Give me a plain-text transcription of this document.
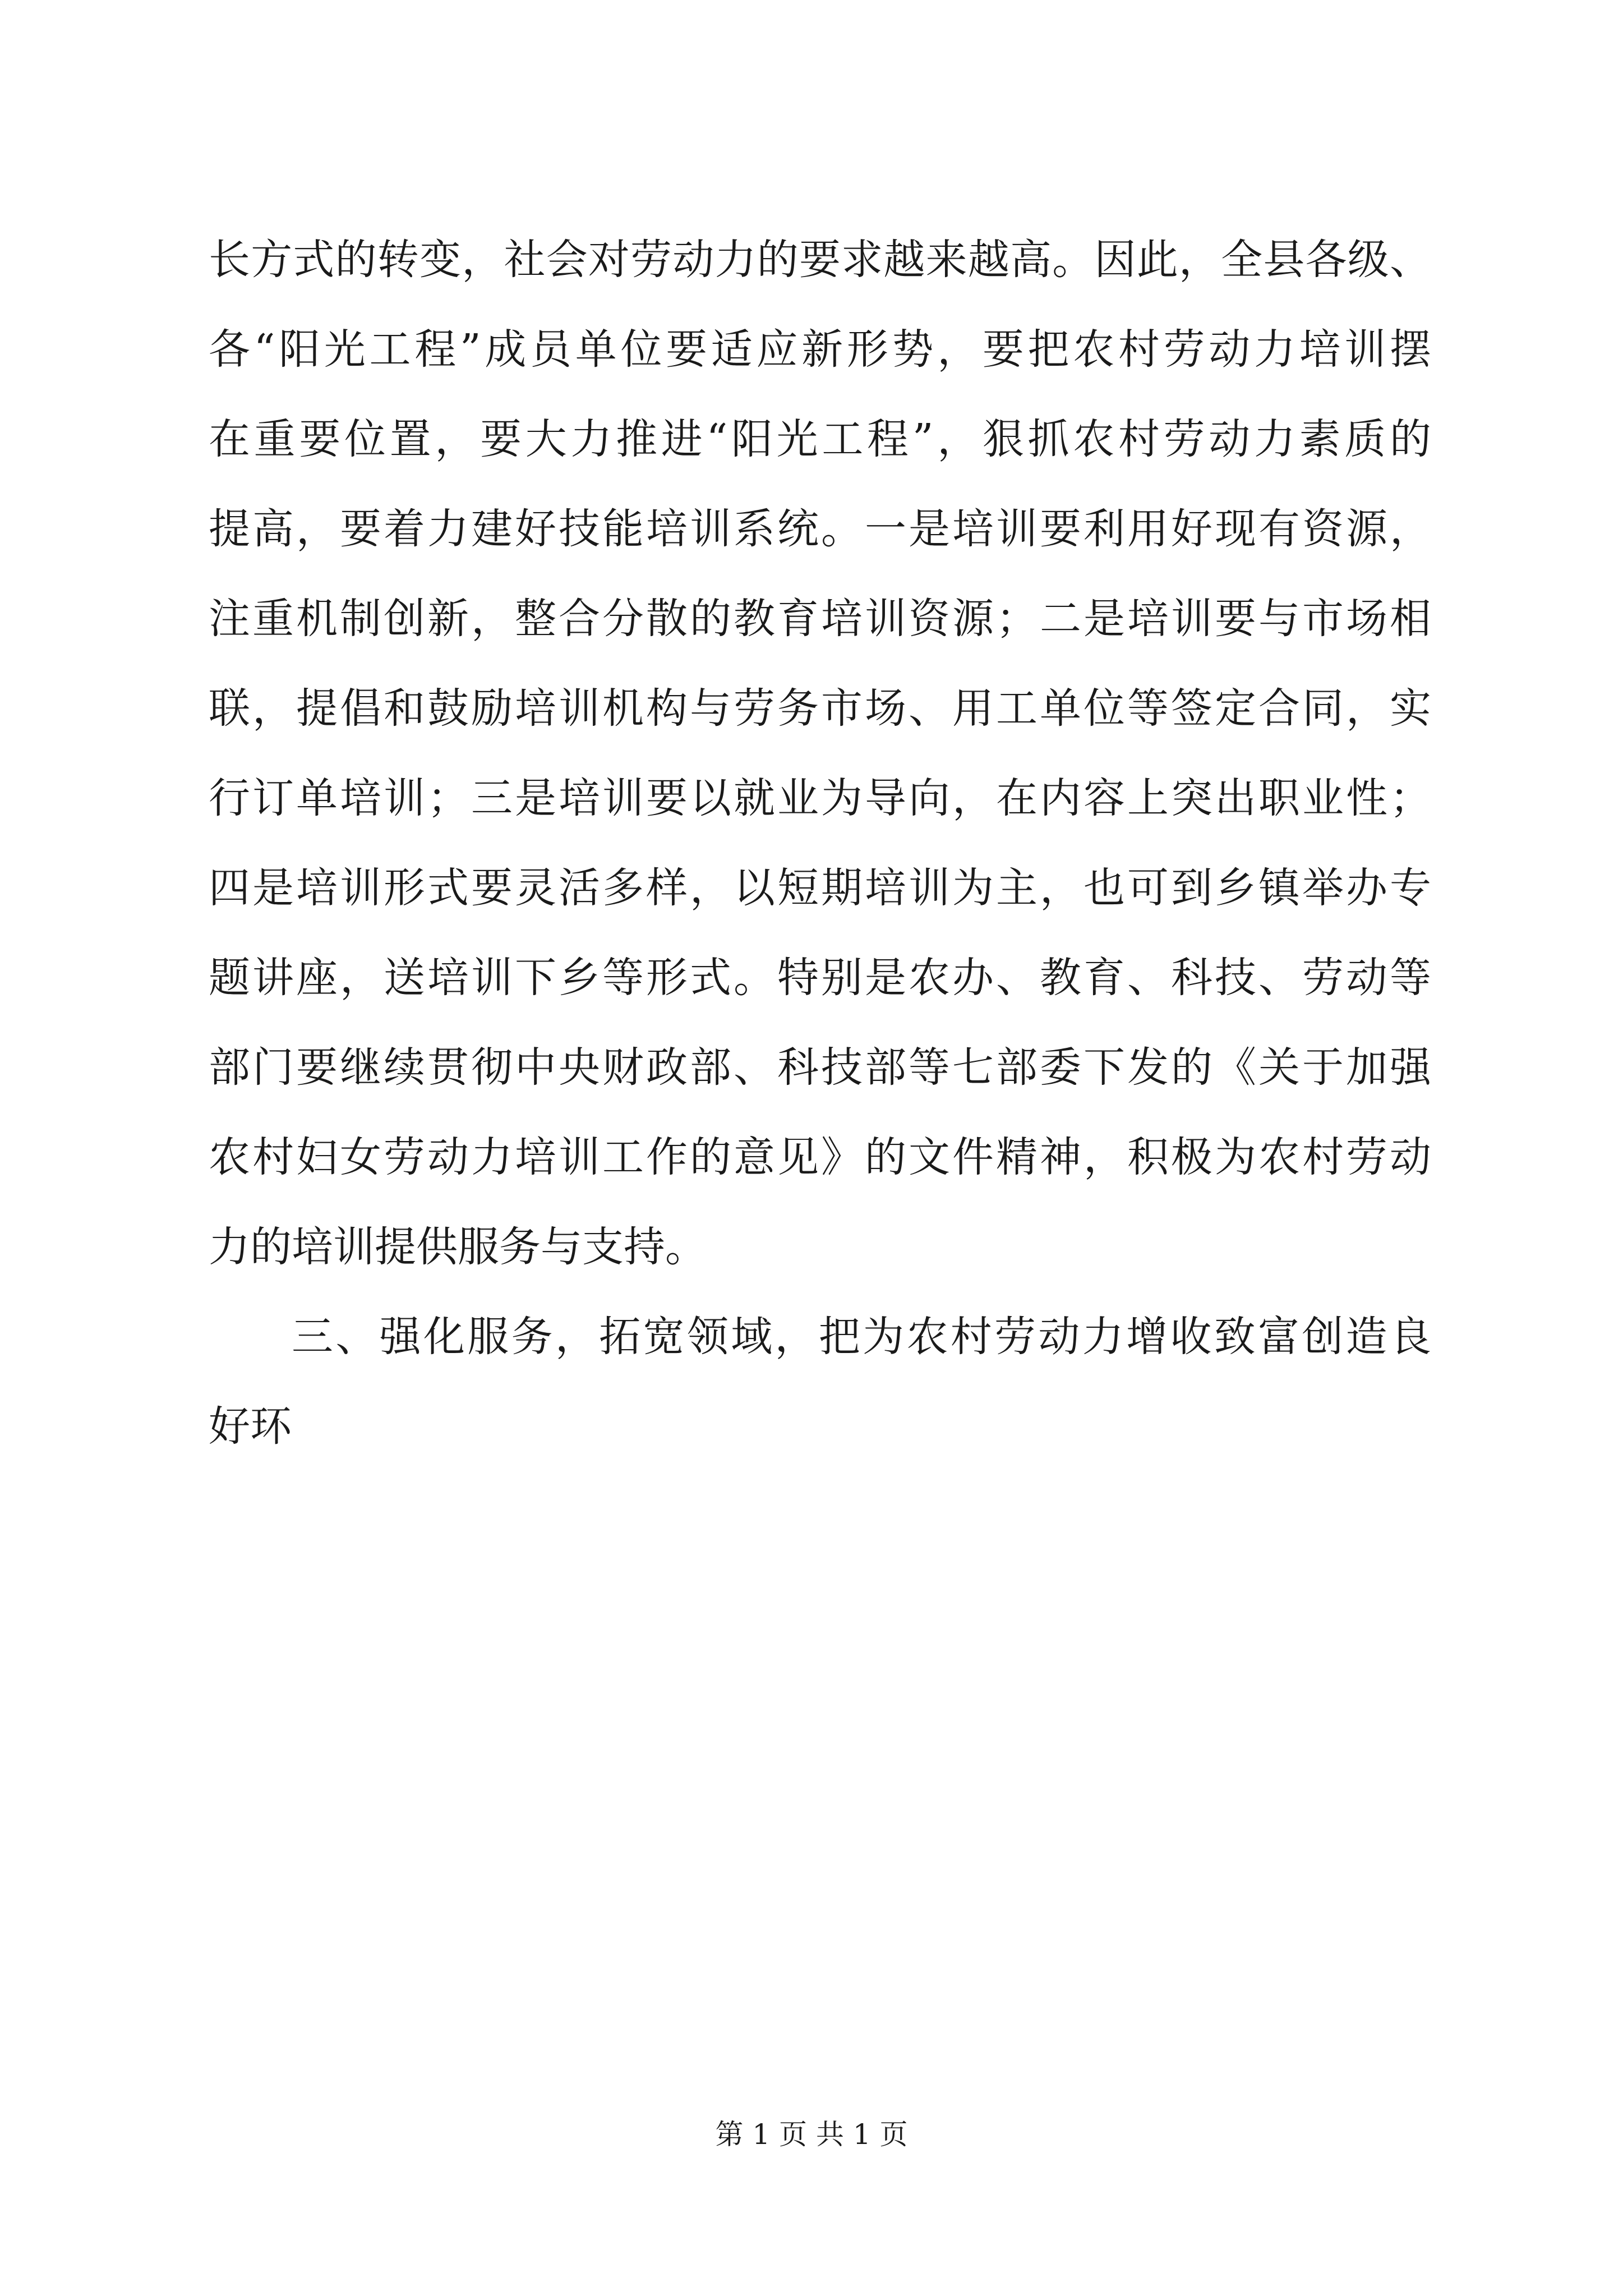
长方式的转变，社会对劳动力的要求越来越高。因此，全县各级、
各“阳光工程”成员单位要适应新形势，要把农村劳动力培训摆
在重要位置，要大力推进“阳光工程”，狠抓农村劳动力素质的
提高，要着力建好技能培训系统。一是培训要利用好现有资源，
注重机制创新，整合分散的教育培训资源；二是培训要与市场相
联，提倡和鼓励培训机构与劳务市场、用工单位等签定合同，实
行订单培训；三是培训要以就业为导向，在内容上突出职业性；
四是培训形式要灵活多样，以短期培训为主，也可到乡镇举办专
题讲座，送培训下乡等形式。特别是农办、教育、科技、劳动等
部门要继续贯彻中央财政部、科技部等七部委下发的《关于加强
农村妇女劳动力培训工作的意见》的文件精神，积极为农村劳动
力的培训提供服务与支持。
三、强化服务，拓宽领域，把为农村劳动力增收致富创造良
好环
第 1 页 共 1 页
